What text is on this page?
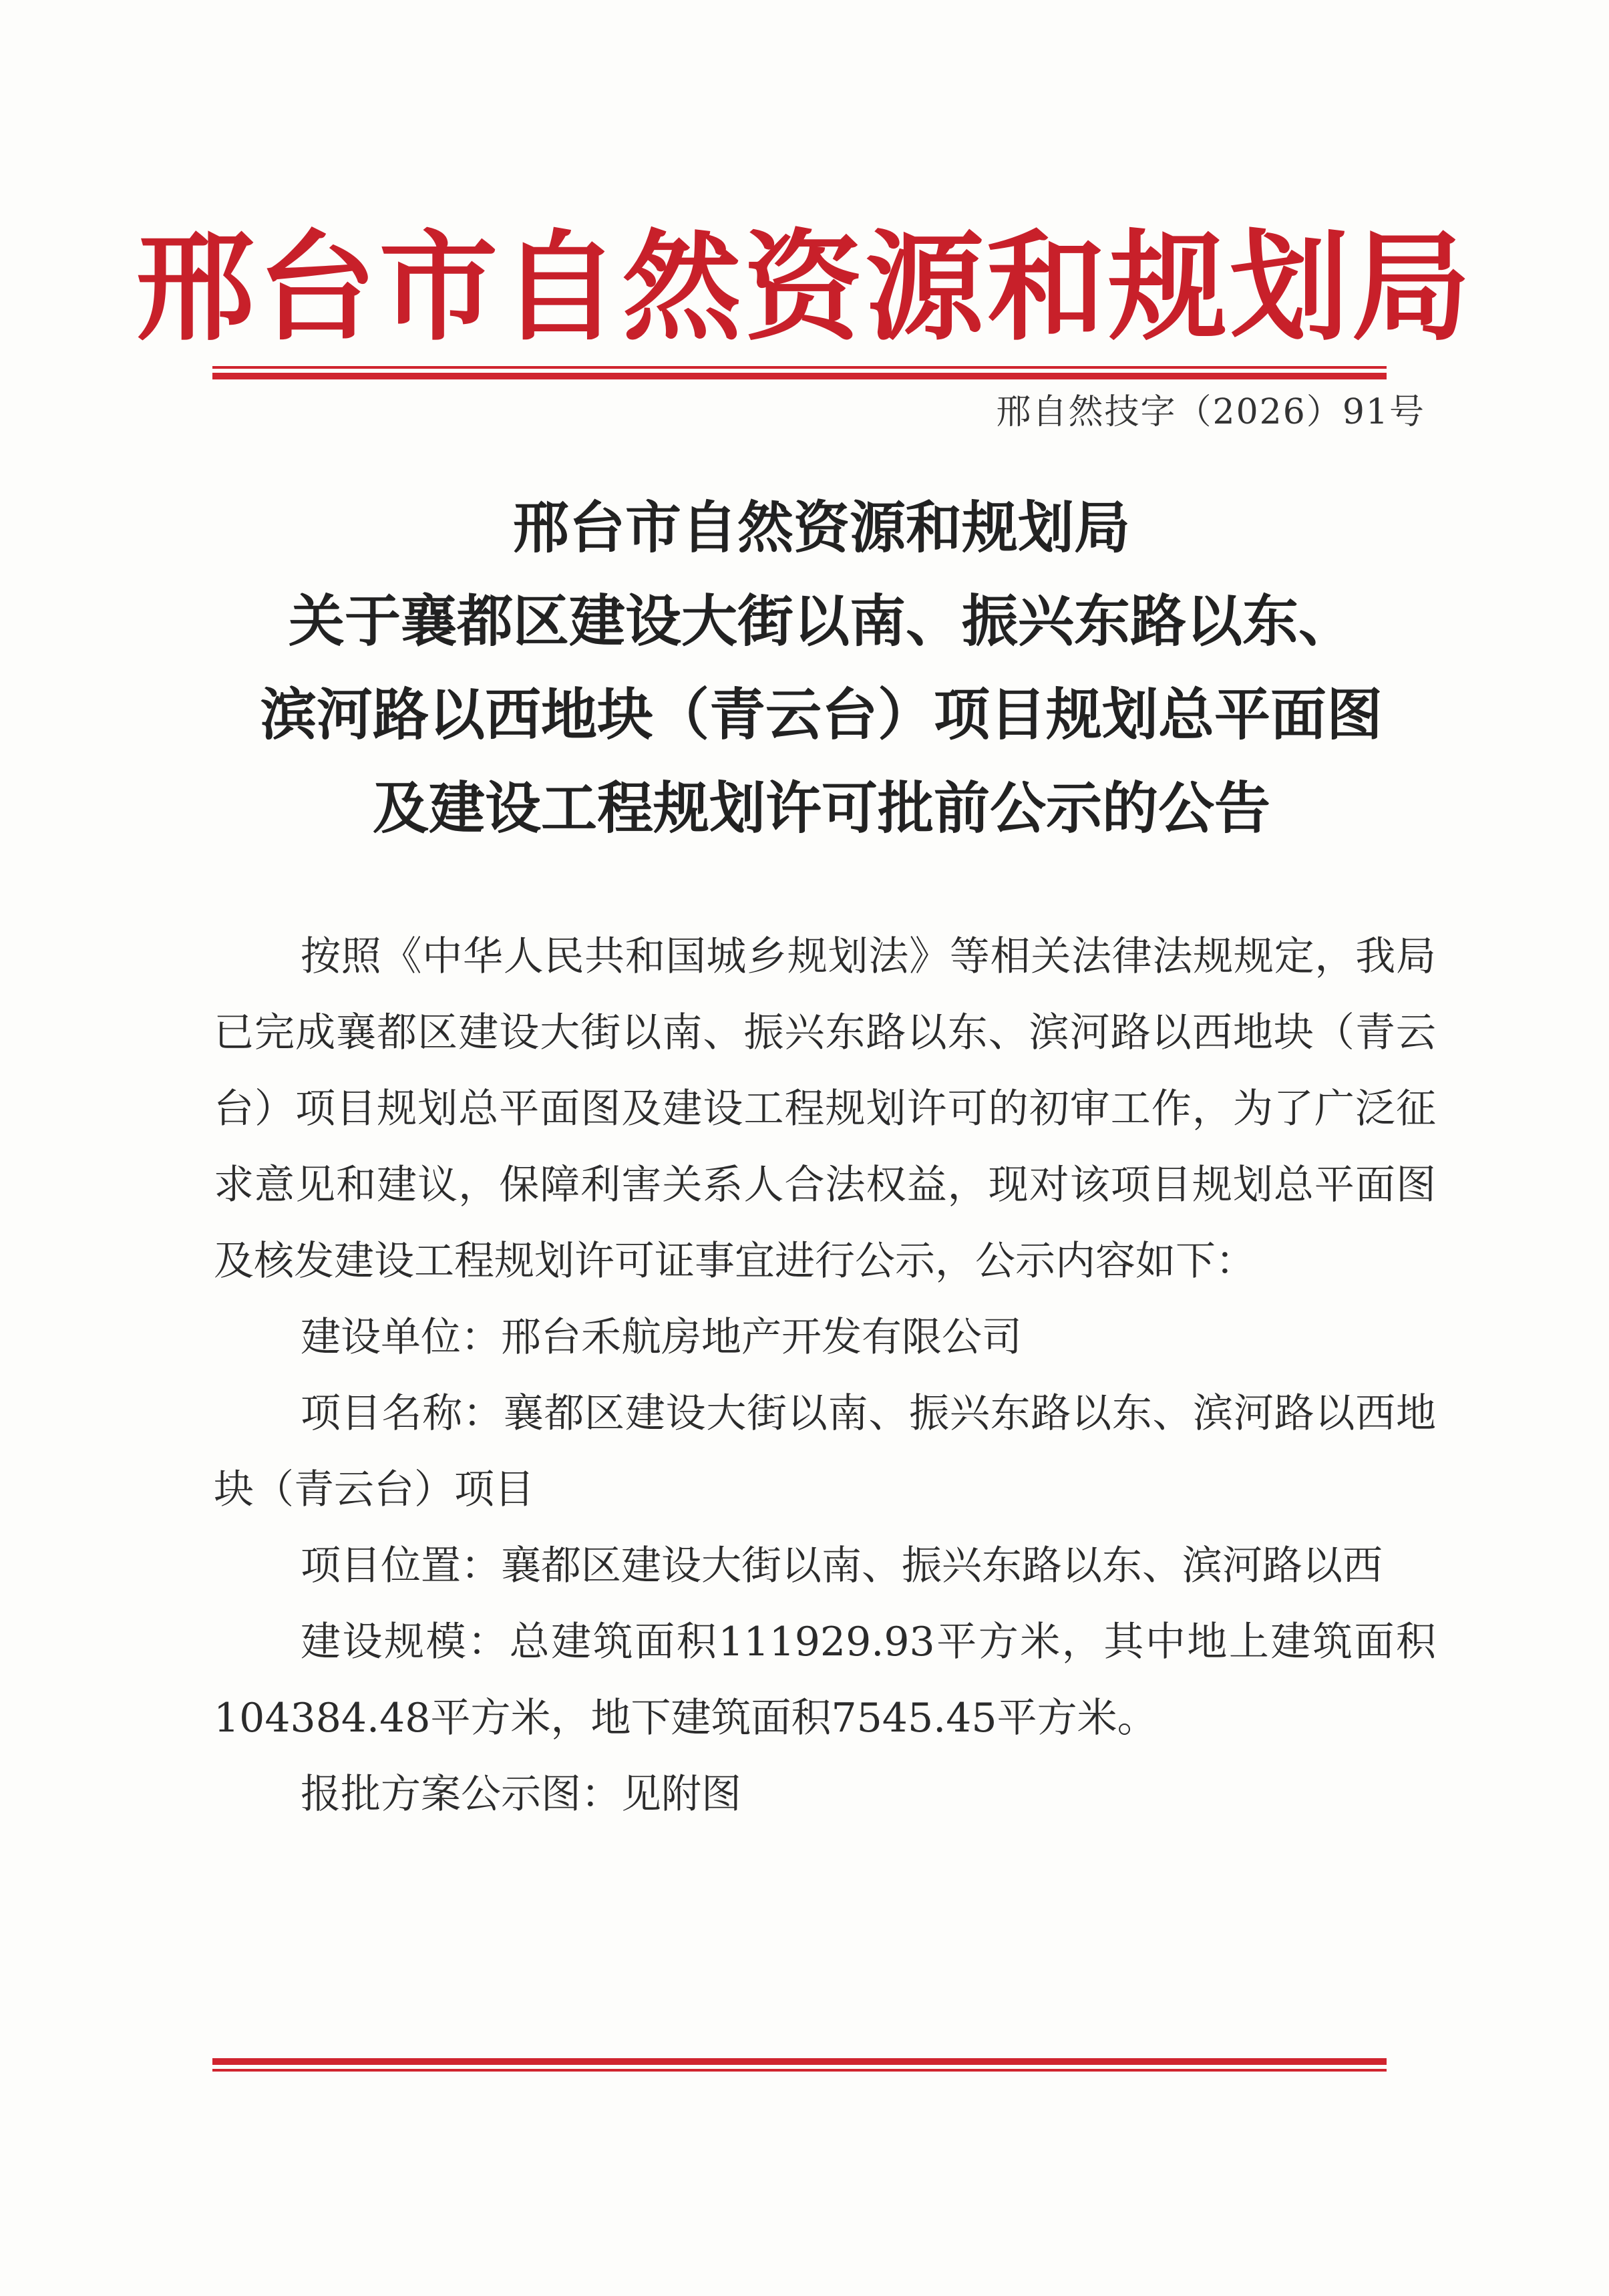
邢台市自然资源和规划局
邢自然技字（2026）91号
邢台市自然资源和规划局
关于襄都区建设大街以南、振兴东路以东、
滨河路以西地块（青云台）项目规划总平面图
及建设工程规划许可批前公示的公告

按照《中华人民共和国城乡规划法》等相关法律法规规定，我局已完成襄都区建设大街以南、振兴东路以东、滨河路以西地块（青云台）项目规划总平面图及建设工程规划许可的初审工作，为了广泛征求意见和建议，保障利害关系人合法权益，现对该项目规划总平面图及核发建设工程规划许可证事宜进行公示，公示内容如下：

建设单位：邢台禾航房地产开发有限公司

项目名称：襄都区建设大街以南、振兴东路以东、滨河路以西地块（青云台）项目

项目位置：襄都区建设大街以南、振兴东路以东、滨河路以西

建设规模：总建筑面积111929.93平方米，其中地上建筑面积104384.48平方米，地下建筑面积7545.45平方米。

报批方案公示图：见附图
